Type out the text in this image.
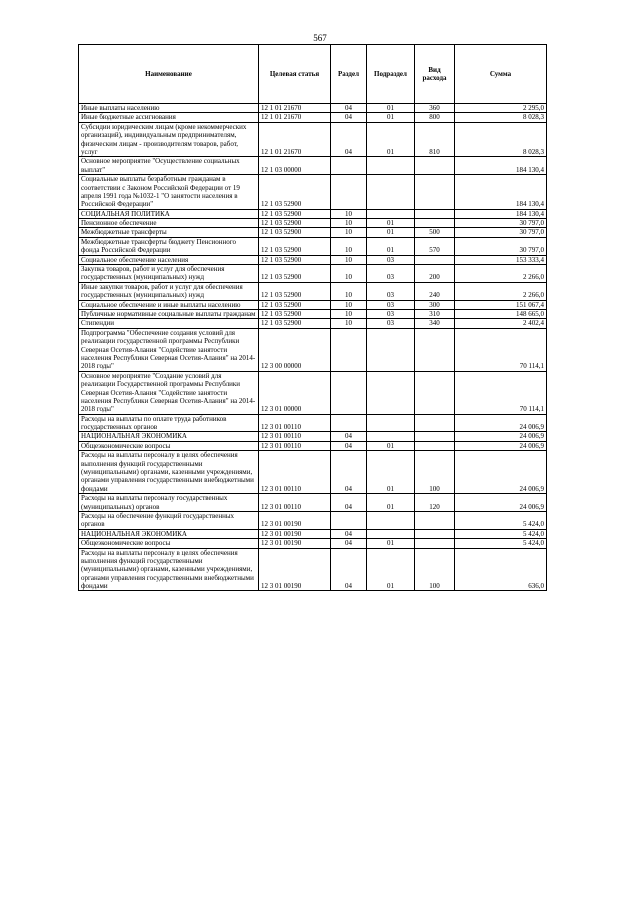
567
Наименование	Целевая статья	Раздел	Подраздел	Вид расхода	Сумма
Иные выплаты населению	12 1 01 21670	04	01	360	2 295,0
Иные бюджетные ассигнования	12 1 01 21670	04	01	800	8 028,3
Субсидии юридическим лицам (кроме некоммерческих организаций), индивидуальным предпринимателям, физическим лицам - производителям товаров, работ, услуг	12 1 01 21670	04	01	810	8 028,3
Основное мероприятие "Осуществление социальных выплат"	12 1 03 00000				184 130,4
Социальные выплаты безработным гражданам в соответствии с Законом Российской Федерации от 19 апреля 1991 года №1032-1 "О занятости населения в Российской Федерации"	12 1 03 52900				184 130,4
СОЦИАЛЬНАЯ ПОЛИТИКА	12 1 03 52900	10			184 130,4
Пенсионное обеспечение	12 1 03 52900	10	01		30 797,0
Межбюджетные трансферты	12 1 03 52900	10	01	500	30 797,0
Межбюджетные трансферты бюджету Пенсионного фонда Российской Федерации	12 1 03 52900	10	01	570	30 797,0
Социальное обеспечение населения	12 1 03 52900	10	03		153 333,4
Закупка товаров, работ и услуг для обеспечения государственных (муниципальных) нужд	12 1 03 52900	10	03	200	2 266,0
Иные закупки товаров, работ и услуг для обеспечения государственных (муниципальных) нужд	12 1 03 52900	10	03	240	2 266,0
Социальное обеспечение и иные выплаты населению	12 1 03 52900	10	03	300	151 067,4
Публичные нормативные социальные выплаты гражданам	12 1 03 52900	10	03	310	148 665,0
Стипендии	12 1 03 52900	10	03	340	2 402,4
Подпрограмма "Обеспечение создания условий для реализации государственной программы Республики Северная Осетия-Алания "Содействие занятости населения Республики Северная Осетия-Алания" на 2014-2018 годы"	12 3 00 00000				70 114,1
Основное мероприятие "Создание условий для реализации Государственной программы Республики Северная Осетия-Алания "Содействие занятости населения Республики Северная Осетия-Алания" на 2014-2018 годы"	12 3 01 00000				70 114,1
Расходы на выплаты по оплате труда работников государственных органов	12 3 01 00110				24 006,9
НАЦИОНАЛЬНАЯ ЭКОНОМИКА	12 3 01 00110	04			24 006,9
Общеэкономические вопросы	12 3 01 00110	04	01		24 006,9
Расходы на выплаты персоналу в целях обеспечения выполнения функций государственными (муниципальными) органами, казенными учреждениями, органами управления государственными внебюджетными фондами	12 3 01 00110	04	01	100	24 006,9
Расходы на выплаты персоналу государственных (муниципальных) органов	12 3 01 00110	04	01	120	24 006,9
Расходы на обеспечение функций государственных органов	12 3 01 00190				5 424,0
НАЦИОНАЛЬНАЯ ЭКОНОМИКА	12 3 01 00190	04			5 424,0
Общеэкономические вопросы	12 3 01 00190	04	01		5 424,0
Расходы на выплаты персоналу в целях обеспечения выполнения функций государственными (муниципальными) органами, казенными учреждениями, органами управления государственными внебюджетными фондами	12 3 01 00190	04	01	100	636,0
